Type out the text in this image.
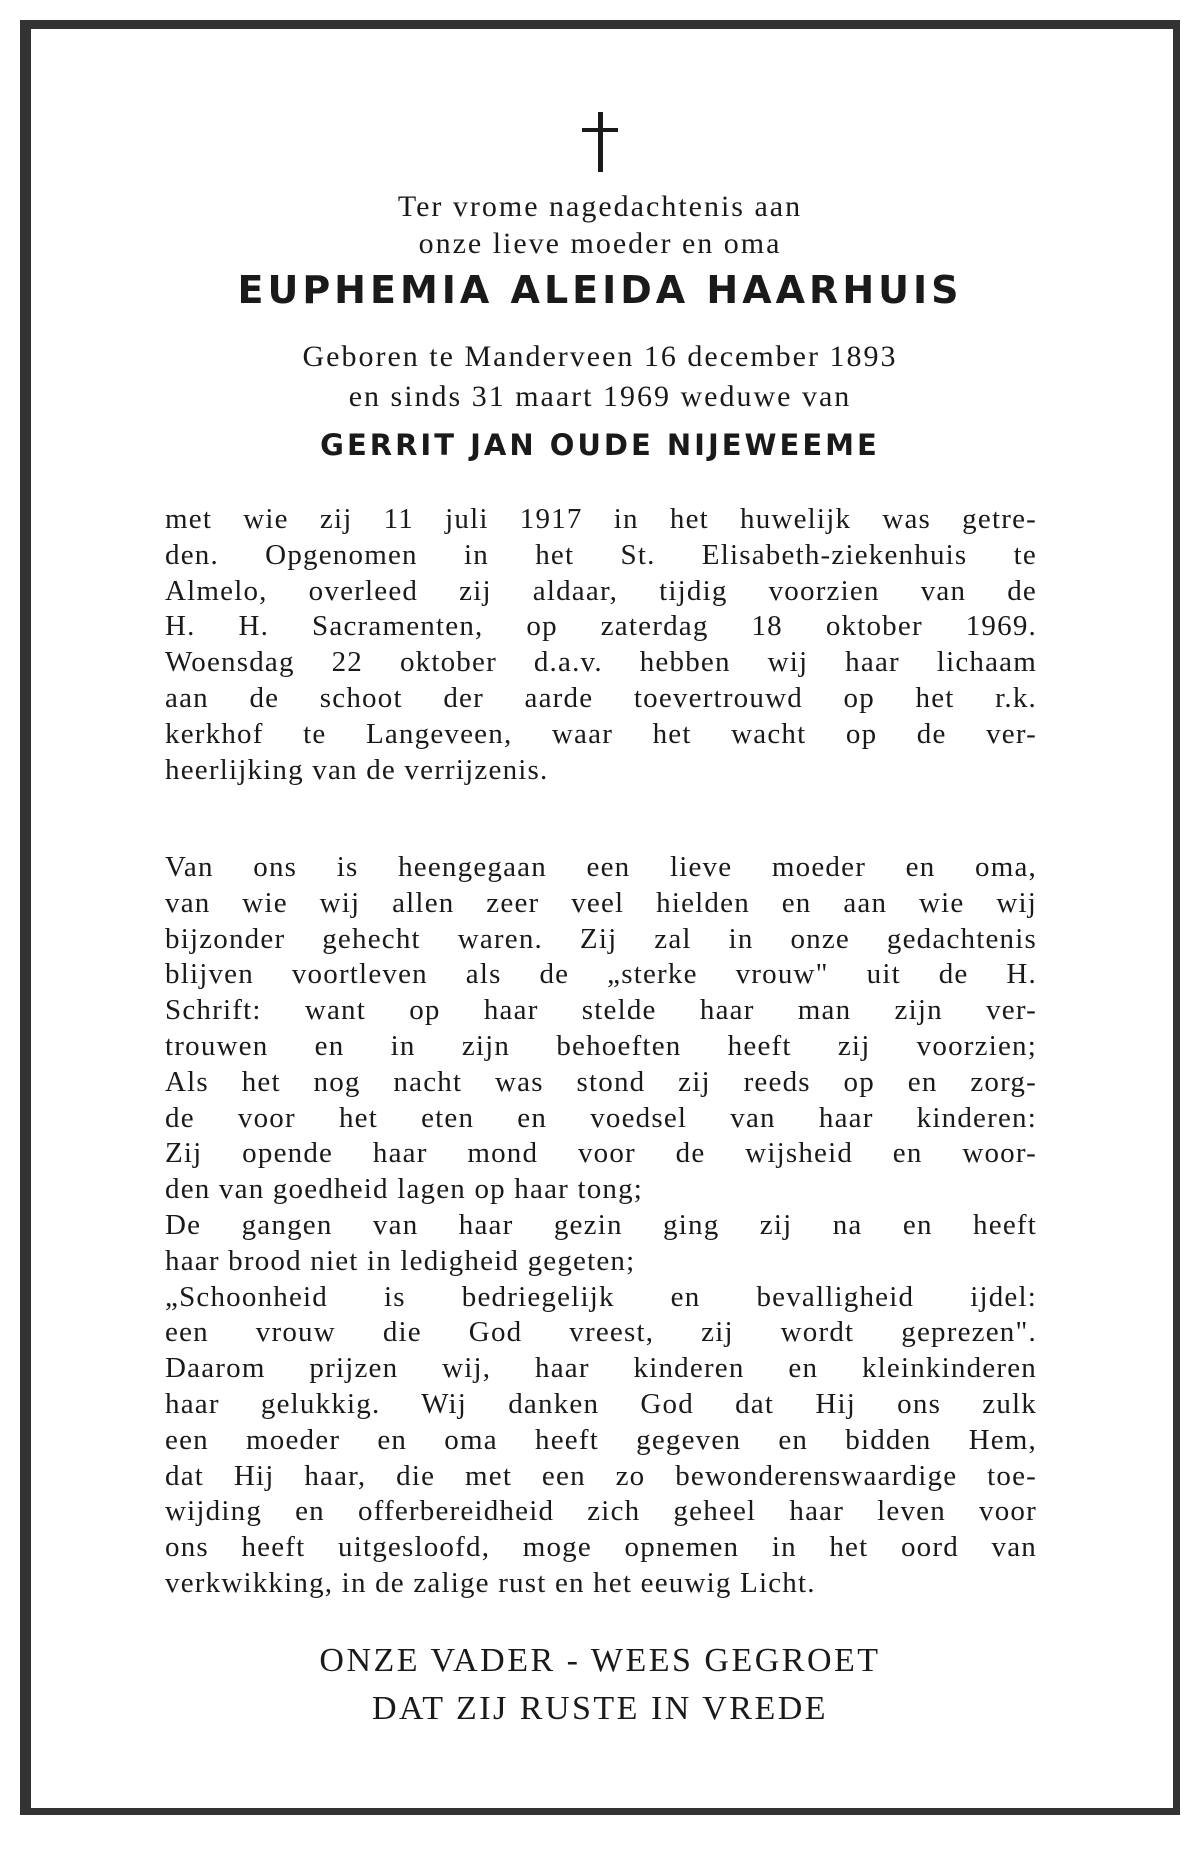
Ter vrome nagedachtenis aan
onze lieve moeder en oma
EUPHEMIA ALEIDA HAARHUIS
Geboren te Manderveen 16 december 1893
en sinds 31 maart 1969 weduwe van
GERRIT JAN OUDE NIJEWEEME
met wie zij 11 juli 1917 in het huwelijk was getre-
den. Opgenomen in het St. Elisabeth-ziekenhuis te
Almelo, overleed zij aldaar, tijdig voorzien van de
H. H. Sacramenten, op zaterdag 18 oktober 1969.
Woensdag 22 oktober d.a.v. hebben wij haar lichaam
aan de schoot der aarde toevertrouwd op het r.k.
kerkhof te Langeveen, waar het wacht op de ver-
heerlijking van de verrijzenis.
Van ons is heengegaan een lieve moeder en oma,
van wie wij allen zeer veel hielden en aan wie wij
bijzonder gehecht waren. Zij zal in onze gedachtenis
blijven voortleven als de „sterke vrouw" uit de H.
Schrift: want op haar stelde haar man zijn ver-
trouwen en in zijn behoeften heeft zij voorzien;
Als het nog nacht was stond zij reeds op en zorg-
de voor het eten en voedsel van haar kinderen:
Zij opende haar mond voor de wijsheid en woor-
den van goedheid lagen op haar tong;
De gangen van haar gezin ging zij na en heeft
haar brood niet in ledigheid gegeten;
„Schoonheid is bedriegelijk en bevalligheid ijdel:
een vrouw die God vreest, zij wordt geprezen".
Daarom prijzen wij, haar kinderen en kleinkinderen
haar gelukkig. Wij danken God dat Hij ons zulk
een moeder en oma heeft gegeven en bidden Hem,
dat Hij haar, die met een zo bewonderenswaardige toe-
wijding en offerbereidheid zich geheel haar leven voor
ons heeft uitgesloofd, moge opnemen in het oord van
verkwikking, in de zalige rust en het eeuwig Licht.
ONZE VADER - WEES GEGROET
DAT ZIJ RUSTE IN VREDE
